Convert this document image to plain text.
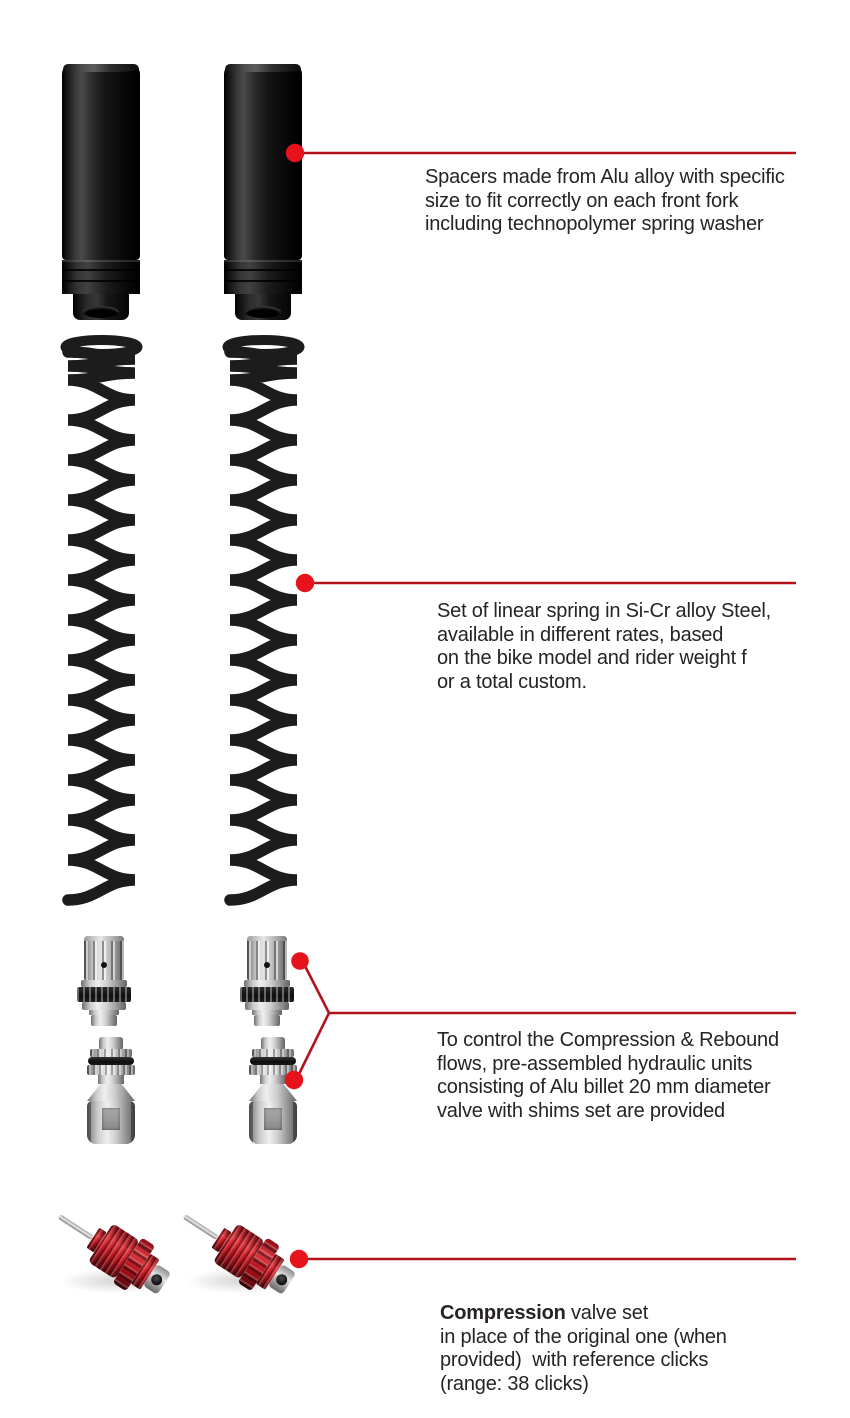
Spacers made from Alu alloy with specific
size to fit correctly on each front fork
including technopolymer spring washer
Set of linear spring in Si-Cr alloy Steel,
available in different rates, based
on the bike model and rider weight f
or a total custom.
To control the Compression & Rebound
flows, pre-assembled hydraulic units
consisting of Alu billet 20 mm diameter
valve with shims set are provided
Compression valve set
in place of the original one (when
provided)  with reference clicks
(range: 38 clicks)
